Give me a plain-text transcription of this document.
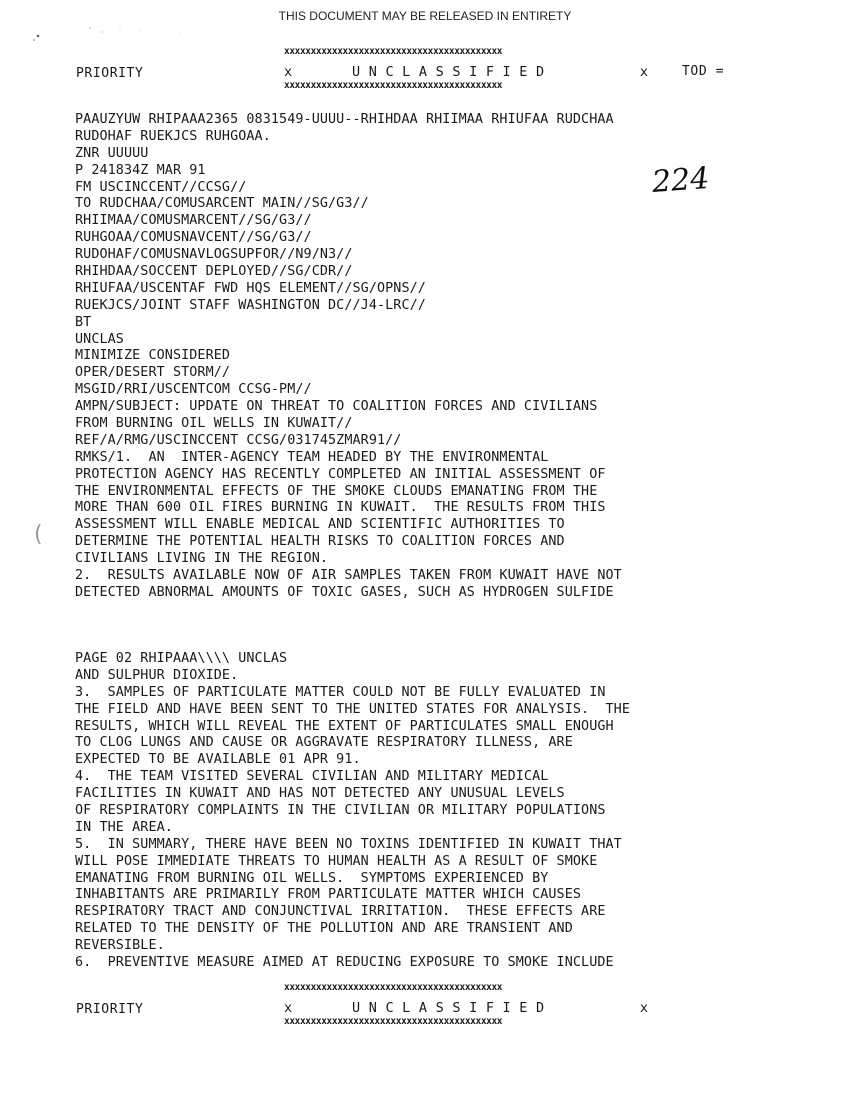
THIS DOCUMENT MAY BE RELEASED IN ENTIRETY
xxxxxxxxxxxxxxxxxxxxxxxxxxxxxxxxxxxxxxxxx
PRIORITY	x	UNCLASSIFIED	x	TOD =
xxxxxxxxxxxxxxxxxxxxxxxxxxxxxxxxxxxxxxxxx
PAAUZYUW RHIPAAA2365 0831549-UUUU--RHIHDAA RHIIMAA RHIUFAA RUDCHAA
RUDOHAF RUEKJCS RUHGOAA.
ZNR UUUUU
P 241834Z MAR 91
FM USCINCCENT//CCSG//
TO RUDCHAA/COMUSARCENT MAIN//SG/G3//
RHIIMAA/COMUSMARCENT//SG/G3//
RUHGOAA/COMUSNAVCENT//SG/G3//
RUDOHAF/COMUSNAVLOGSUPFOR//N9/N3//
RHIHDAA/SOCCENT DEPLOYED//SG/CDR//
RHIUFAA/USCENTAF FWD HQS ELEMENT//SG/OPNS//
RUEKJCS/JOINT STAFF WASHINGTON DC//J4-LRC//
BT
UNCLAS
MINIMIZE CONSIDERED
OPER/DESERT STORM//
MSGID/RRI/USCENTCOM CCSG-PM//
AMPN/SUBJECT: UPDATE ON THREAT TO COALITION FORCES AND CIVILIANS
FROM BURNING OIL WELLS IN KUWAIT//
REF/A/RMG/USCINCCENT CCSG/031745ZMAR91//
RMKS/1.  AN  INTER-AGENCY TEAM HEADED BY THE ENVIRONMENTAL
PROTECTION AGENCY HAS RECENTLY COMPLETED AN INITIAL ASSESSMENT OF
THE ENVIRONMENTAL EFFECTS OF THE SMOKE CLOUDS EMANATING FROM THE
MORE THAN 600 OIL FIRES BURNING IN KUWAIT.  THE RESULTS FROM THIS
ASSESSMENT WILL ENABLE MEDICAL AND SCIENTIFIC AUTHORITIES TO
DETERMINE THE POTENTIAL HEALTH RISKS TO COALITION FORCES AND
CIVILIANS LIVING IN THE REGION.
2.  RESULTS AVAILABLE NOW OF AIR SAMPLES TAKEN FROM KUWAIT HAVE NOT
DETECTED ABNORMAL AMOUNTS OF TOXIC GASES, SUCH AS HYDROGEN SULFIDE
224
(
PAGE 02 RHIPAAA\\\\ UNCLAS
AND SULPHUR DIOXIDE.
3.  SAMPLES OF PARTICULATE MATTER COULD NOT BE FULLY EVALUATED IN
THE FIELD AND HAVE BEEN SENT TO THE UNITED STATES FOR ANALYSIS.  THE
RESULTS, WHICH WILL REVEAL THE EXTENT OF PARTICULATES SMALL ENOUGH
TO CLOG LUNGS AND CAUSE OR AGGRAVATE RESPIRATORY ILLNESS, ARE
EXPECTED TO BE AVAILABLE 01 APR 91.
4.  THE TEAM VISITED SEVERAL CIVILIAN AND MILITARY MEDICAL
FACILITIES IN KUWAIT AND HAS NOT DETECTED ANY UNUSUAL LEVELS
OF RESPIRATORY COMPLAINTS IN THE CIVILIAN OR MILITARY POPULATIONS
IN THE AREA.
5.  IN SUMMARY, THERE HAVE BEEN NO TOXINS IDENTIFIED IN KUWAIT THAT
WILL POSE IMMEDIATE THREATS TO HUMAN HEALTH AS A RESULT OF SMOKE
EMANATING FROM BURNING OIL WELLS.  SYMPTOMS EXPERIENCED BY
INHABITANTS ARE PRIMARILY FROM PARTICULATE MATTER WHICH CAUSES
RESPIRATORY TRACT AND CONJUNCTIVAL IRRITATION.  THESE EFFECTS ARE
RELATED TO THE DENSITY OF THE POLLUTION AND ARE TRANSIENT AND
REVERSIBLE.
6.  PREVENTIVE MEASURE AIMED AT REDUCING EXPOSURE TO SMOKE INCLUDE
xxxxxxxxxxxxxxxxxxxxxxxxxxxxxxxxxxxxxxxxx
PRIORITY	x	UNCLASSIFIED	x
xxxxxxxxxxxxxxxxxxxxxxxxxxxxxxxxxxxxxxxxx
